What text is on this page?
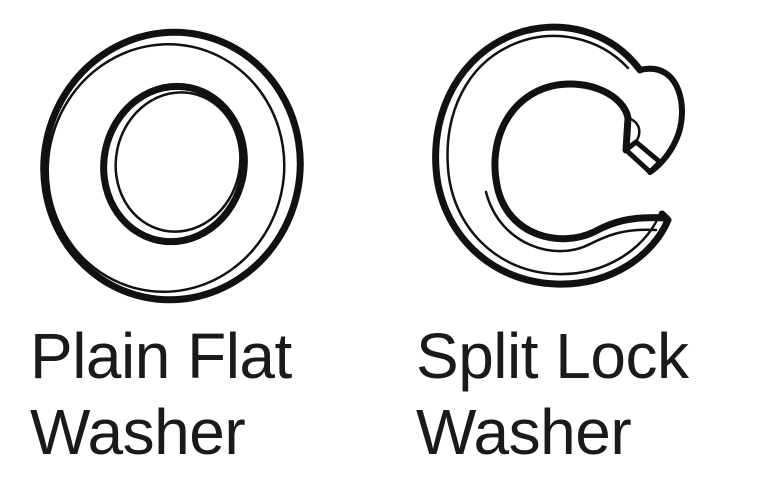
Plain Flat
Washer
Split Lock
Washer
